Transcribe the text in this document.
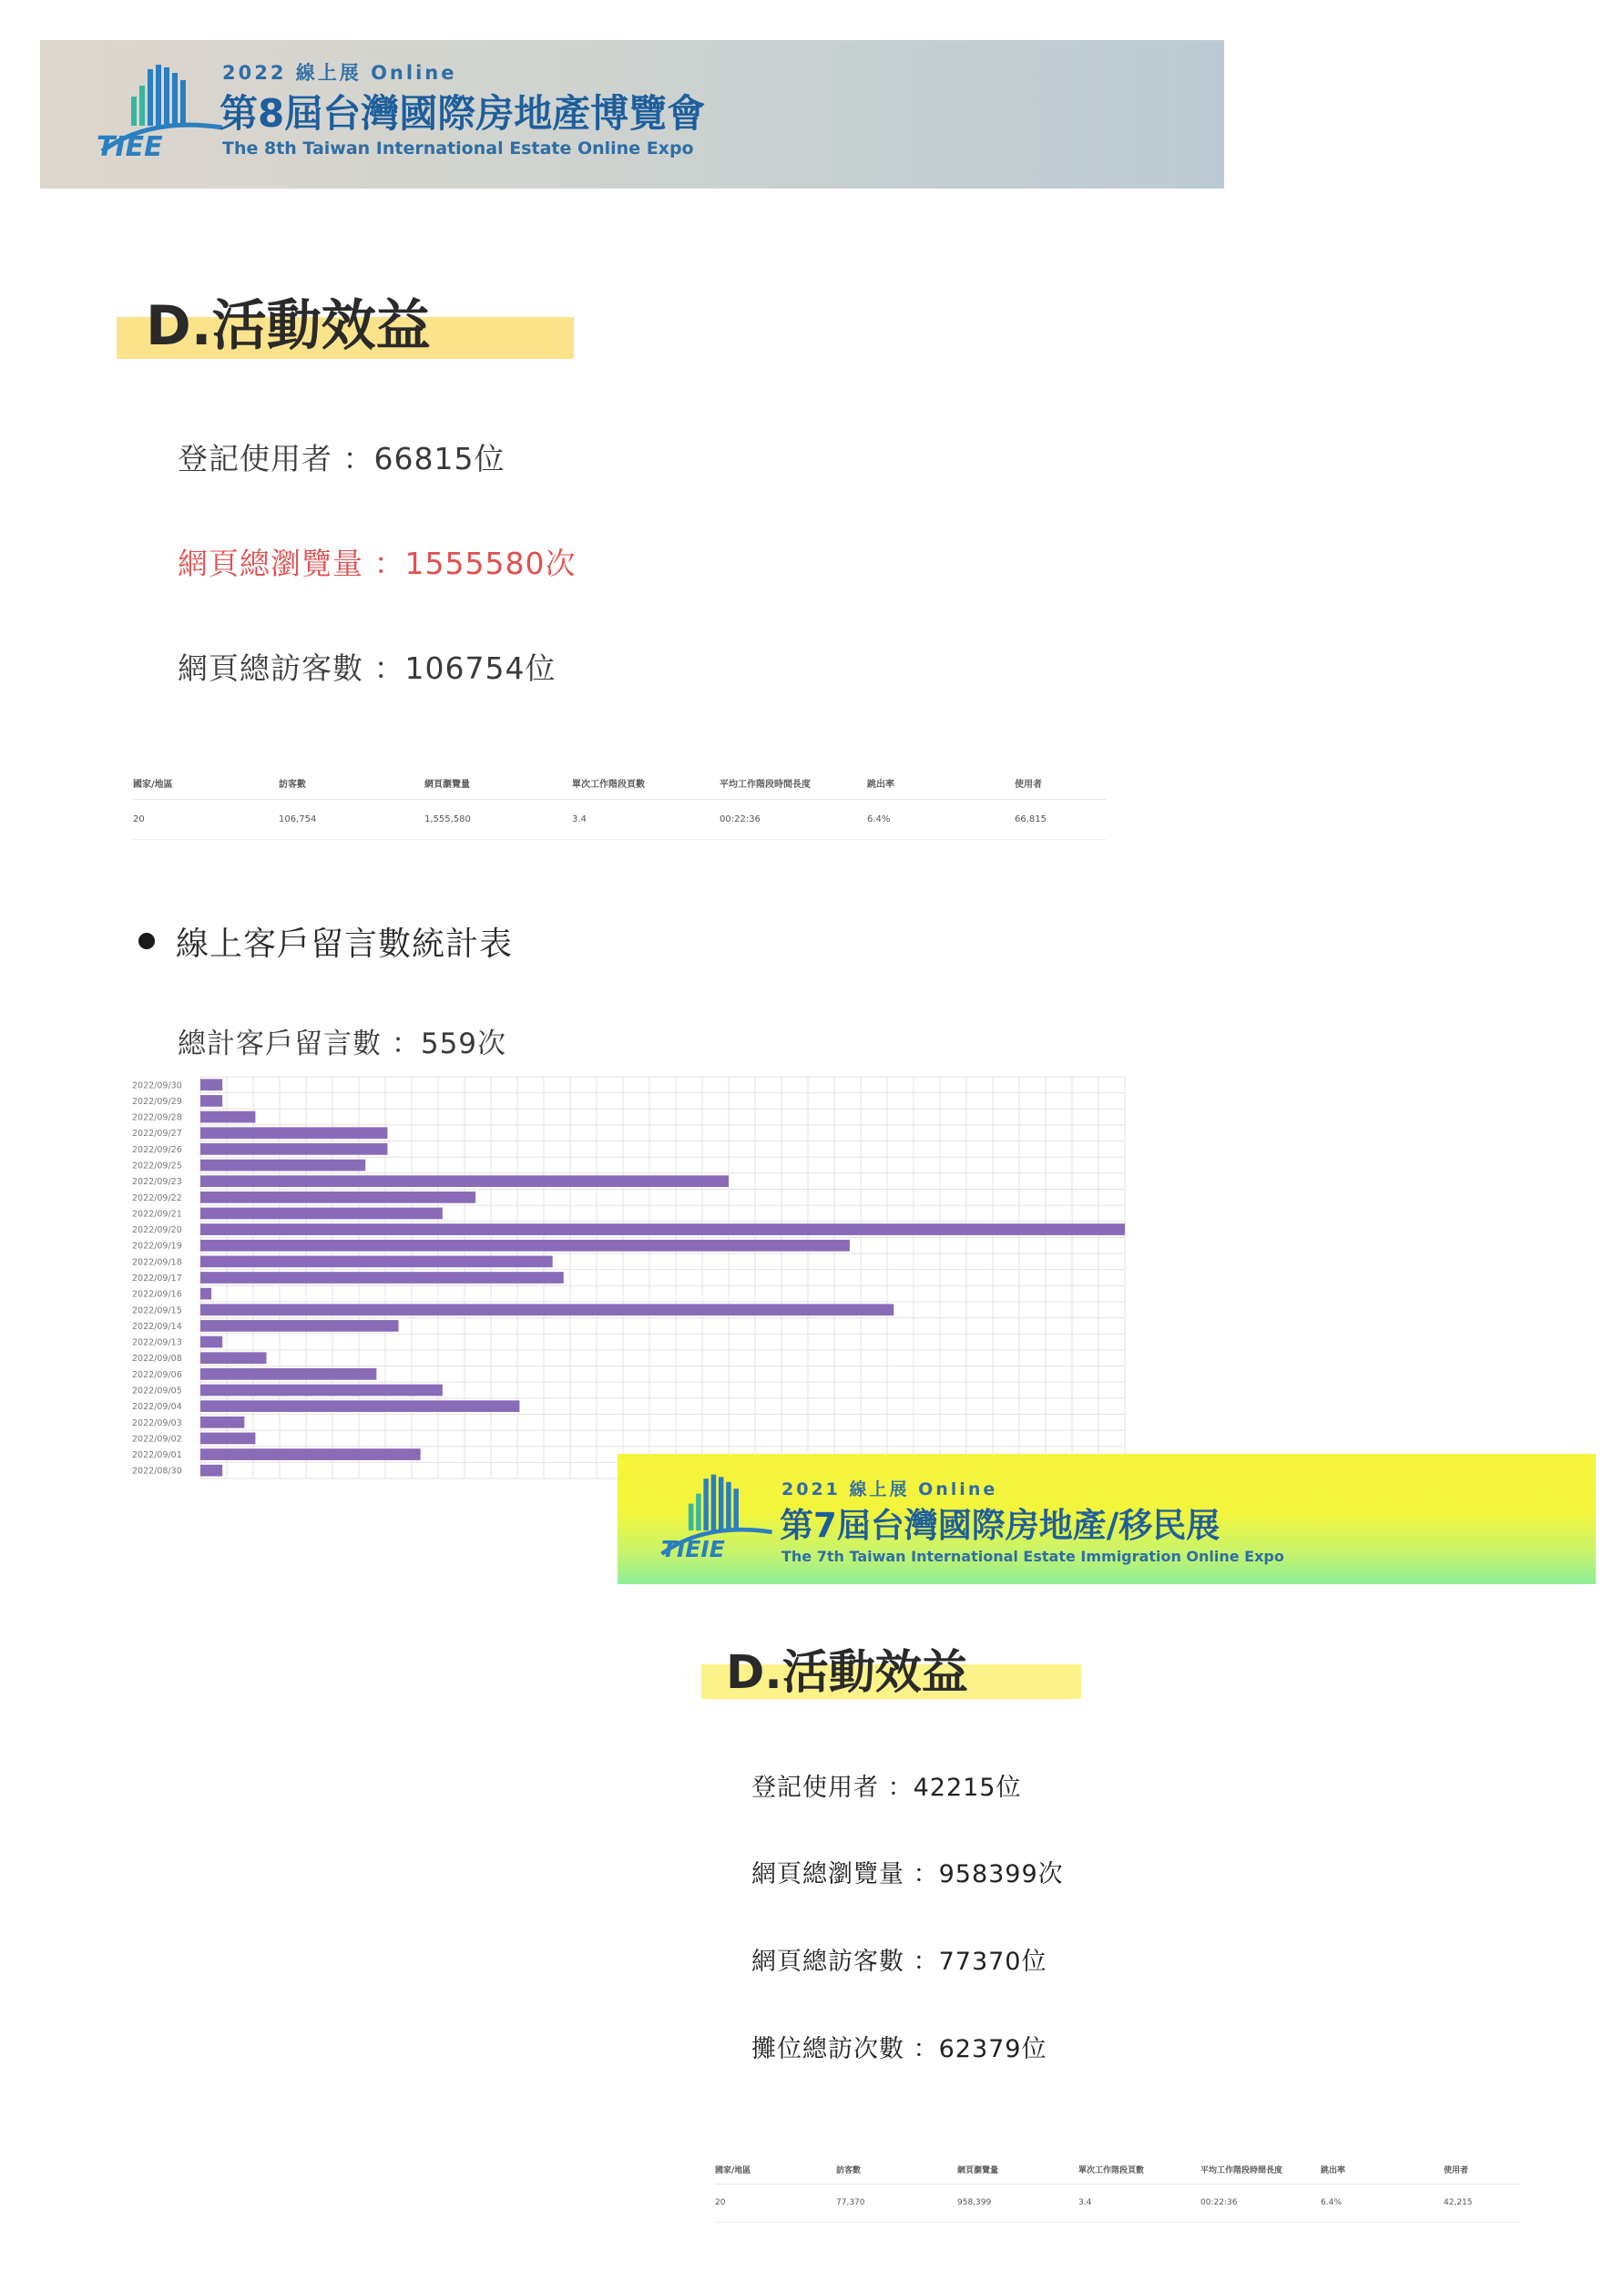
TIEE
2022 線上展 Online
第8屆台灣國際房地產博覽會
The 8th Taiwan International Estate Online Expo
D.活動效益
登記使用者 ：66815位
網頁總瀏覽量 ：1555580次
網頁總訪客數 ：106754位
國家/地區	訪客數	網頁瀏覽量	單次工作階段頁數	平均工作階段時間長度	跳出率	使用者
20	106,754	1,555,580	3.4	00:22:36	6.4%	66,815
線上客戶留言數統計表
總計客戶留言數 ：559次
2022/09/30
2022/09/29
2022/09/28
2022/09/27
2022/09/26
2022/09/25
2022/09/23
2022/09/22
2022/09/21
2022/09/20
2022/09/19
2022/09/18
2022/09/17
2022/09/16
2022/09/15
2022/09/14
2022/09/13
2022/09/08
2022/09/06
2022/09/05
2022/09/04
2022/09/03
2022/09/02
2022/09/01
2022/08/30
TIEIE
2021 線上展 Online
第7屆台灣國際房地產/移民展
The 7th Taiwan International Estate Immigration Online Expo
D.活動效益
登記使用者 ：42215位
網頁總瀏覽量 ：958399次
網頁總訪客數 ：77370位
攤位總訪次數 ：62379位
國家/地區	訪客數	網頁瀏覽量	單次工作階段頁數	平均工作階段時間長度	跳出率	使用者
20	77,370	958,399	3.4	00:22:36	6.4%	42,215
